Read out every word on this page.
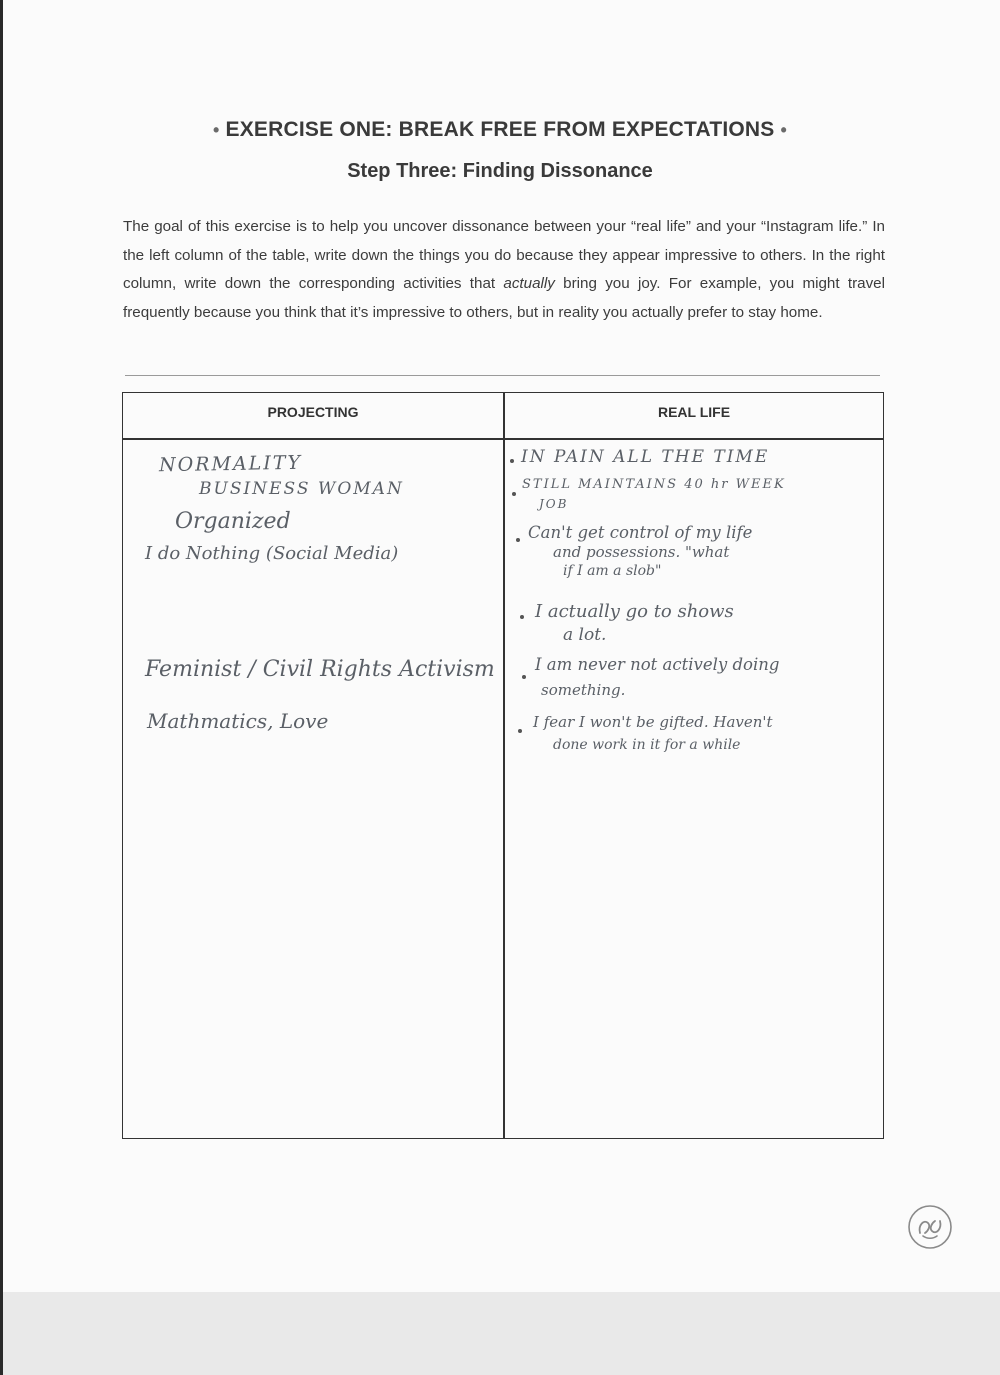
• EXERCISE ONE: BREAK FREE FROM EXPECTATIONS •
Step Three: Finding Dissonance
The goal of this exercise is to help you uncover dissonance between your “real life” and your “Instagram life.” In the left column of the table, write down the things you do because they appear impressive to others. In the right column, write down the corresponding activities that actually bring you joy. For example, you might travel frequently because you think that it’s impressive to others, but in reality you actually prefer to stay home.
PROJECTING	REAL LIFE
NORMALITY
BUSINESS WOMAN
Organized
I do Nothing (Social Media)
Feminist / Civil Rights Activism
Mathmatics, Love
IN PAIN ALL THE TIME
STILL MAINTAINS 40 hr WEEK
JOB
Can't get control of my life
and possessions. "what
if I am a slob"
I actually go to shows
a lot.
I am never not actively doing
something.
I fear I won't be gifted. Haven't
done work in it for a while
